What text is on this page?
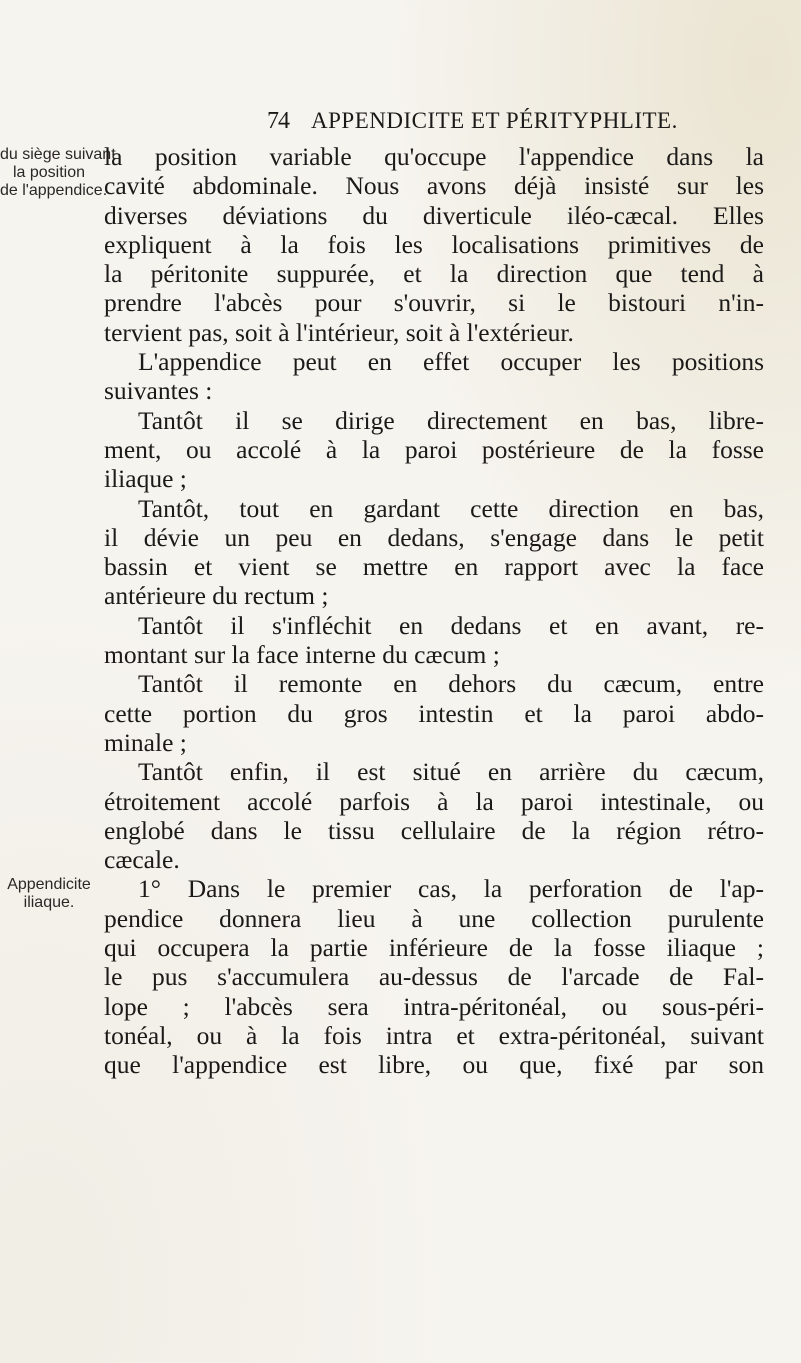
74 APPENDICITE ET PÉRITYPHLITE.
du siège suivant
la position
de l'appendice.
Appendicite
iliaque.
la position variable qu'occupe l'appendice dans la
cavité abdominale. Nous avons déjà insisté sur les
diverses déviations du diverticule iléo-cæcal. Elles
expliquent à la fois les localisations primitives de
la péritonite suppurée, et la direction que tend à
prendre l'abcès pour s'ouvrir, si le bistouri n'in-
tervient pas, soit à l'intérieur, soit à l'extérieur.
L'appendice peut en effet occuper les positions
suivantes :
Tantôt il se dirige directement en bas, libre-
ment, ou accolé à la paroi postérieure de la fosse
iliaque ;
Tantôt, tout en gardant cette direction en bas,
il dévie un peu en dedans, s'engage dans le petit
bassin et vient se mettre en rapport avec la face
antérieure du rectum ;
Tantôt il s'infléchit en dedans et en avant, re-
montant sur la face interne du cæcum ;
Tantôt il remonte en dehors du cæcum, entre
cette portion du gros intestin et la paroi abdo-
minale ;
Tantôt enfin, il est situé en arrière du cæcum,
étroitement accolé parfois à la paroi intestinale, ou
englobé dans le tissu cellulaire de la région rétro-
cæcale.
1° Dans le premier cas, la perforation de l'ap-
pendice donnera lieu à une collection purulente
qui occupera la partie inférieure de la fosse iliaque ;
le pus s'accumulera au-dessus de l'arcade de Fal-
lope ; l'abcès sera intra-péritonéal, ou sous-péri-
tonéal, ou à la fois intra et extra-péritonéal, suivant
que l'appendice est libre, ou que, fixé par son
